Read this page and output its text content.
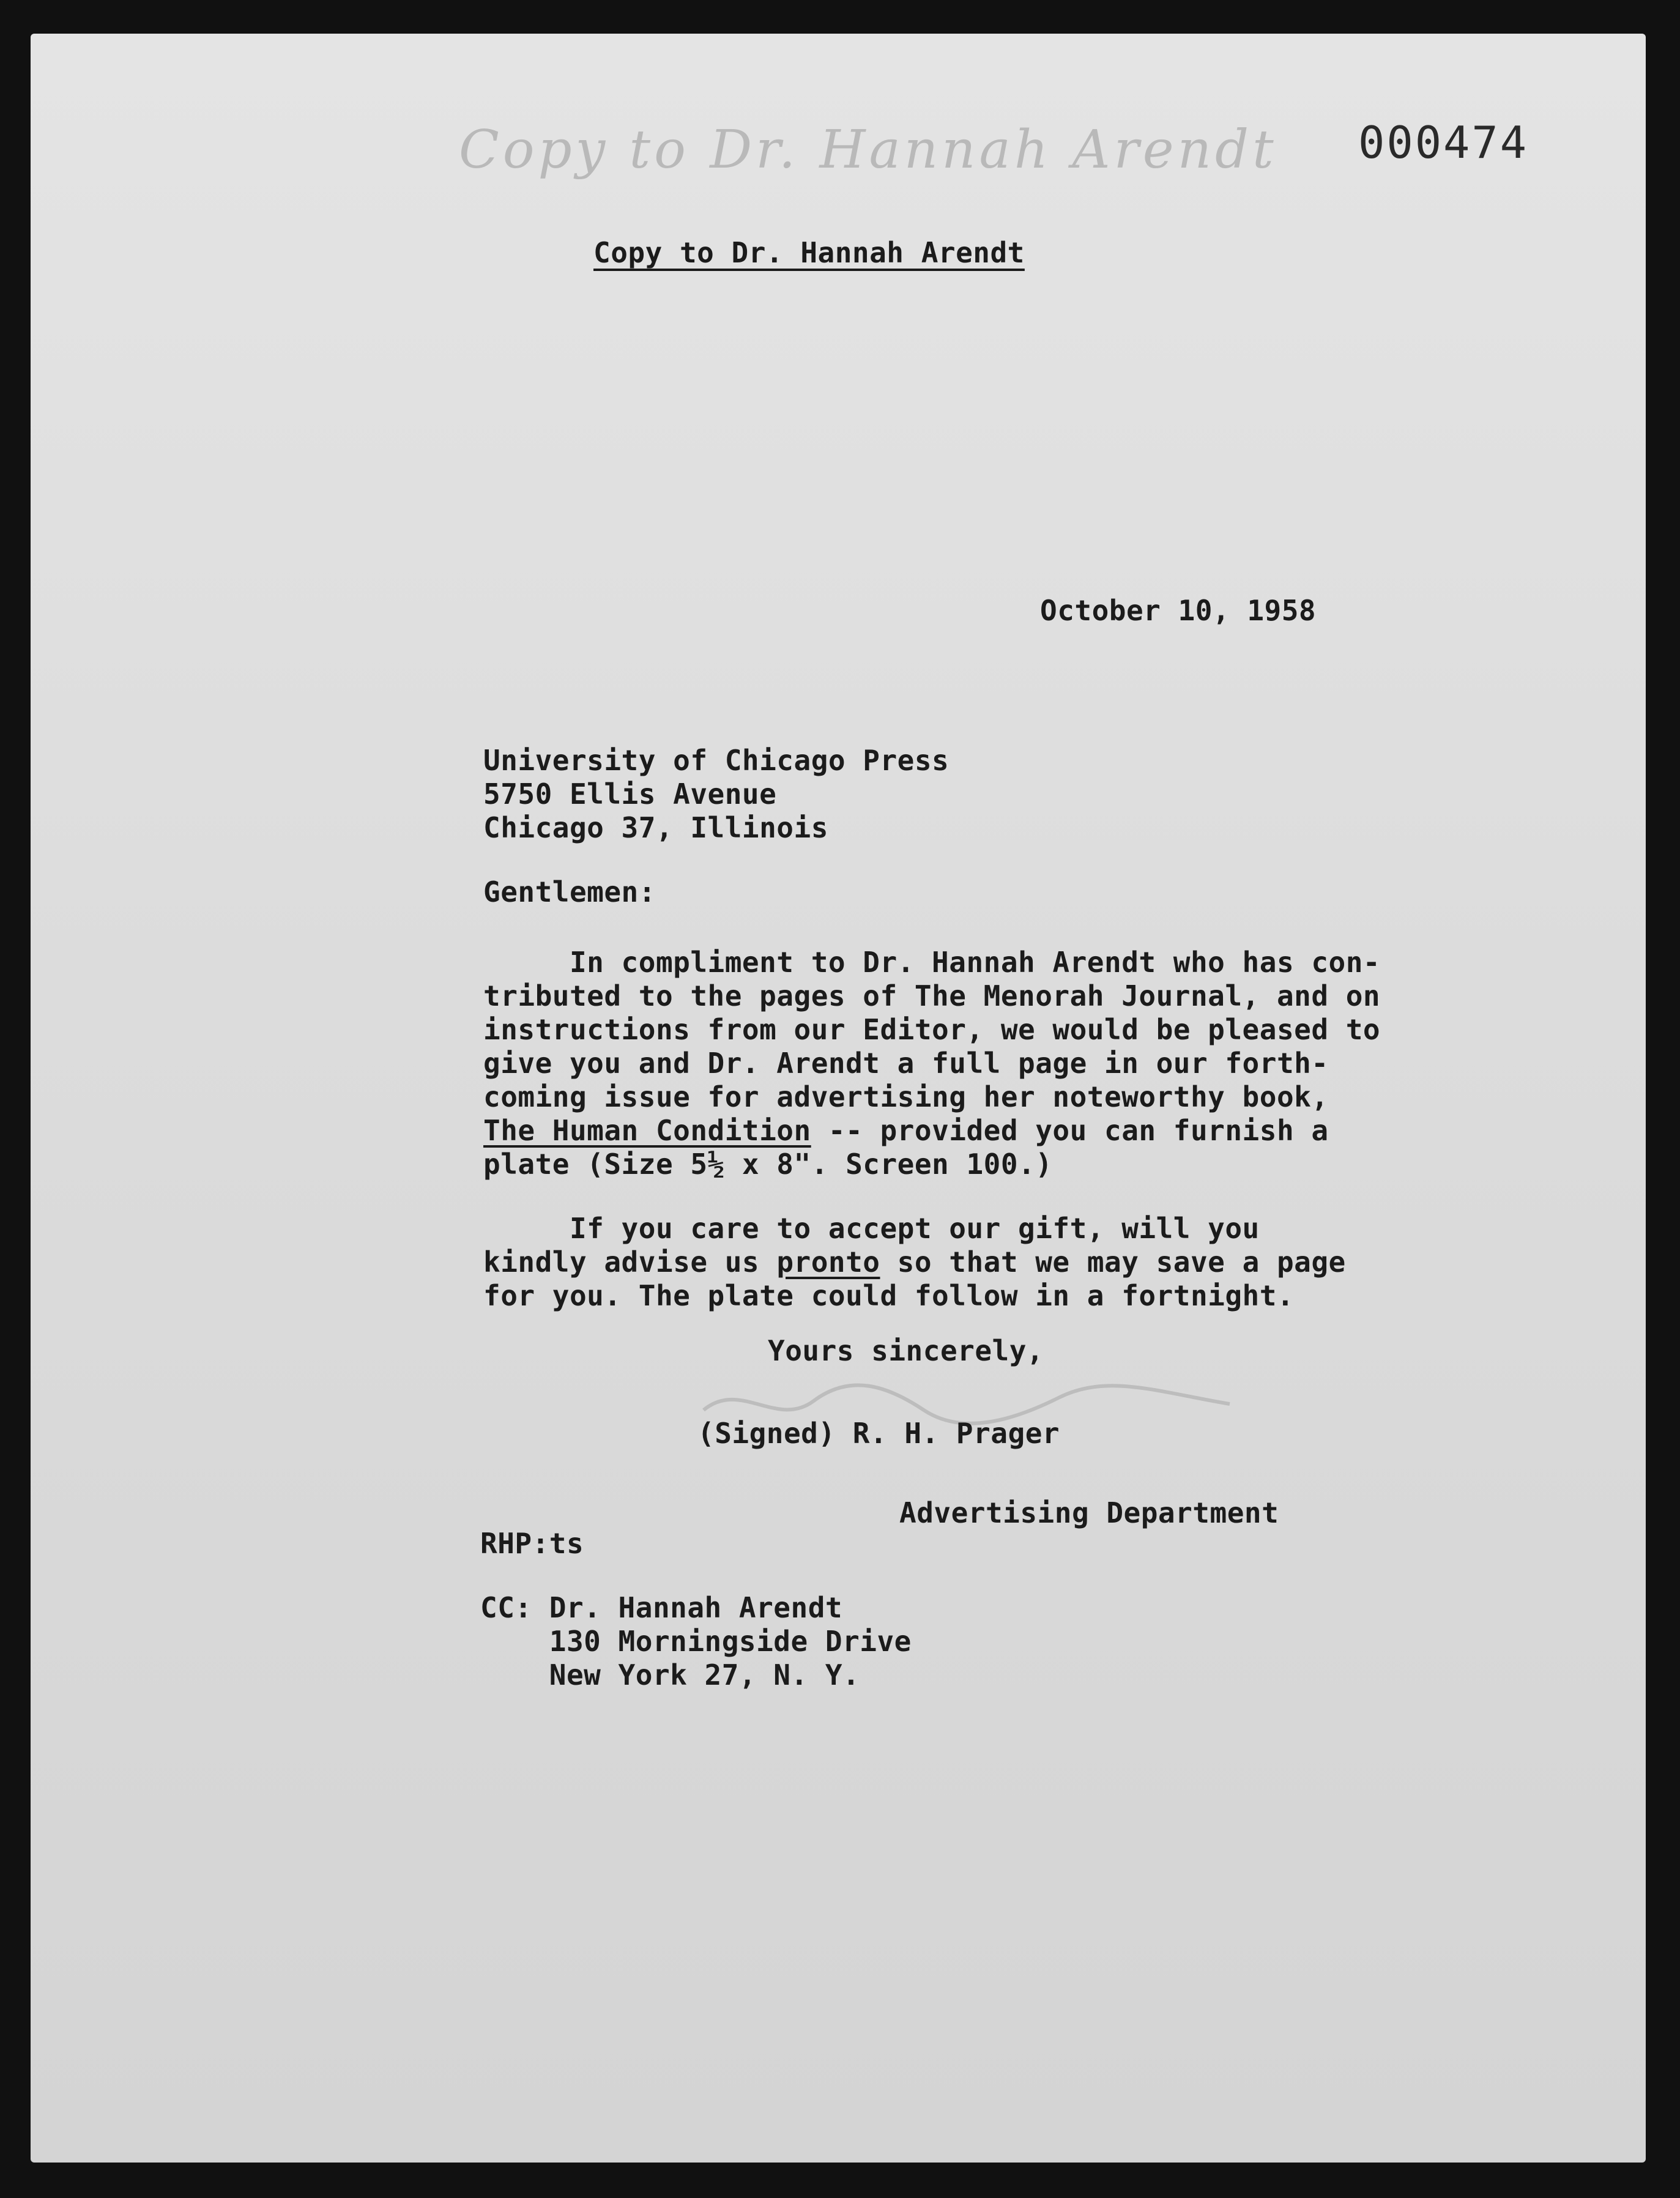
Copy to Dr. Hannah Arendt 000474
Copy to Dr. Hannah Arendt
October 10, 1958
University of Chicago Press
5750 Ellis Avenue
Chicago 37, Illinois
Gentlemen:
In compliment to Dr. Hannah Arendt who has con-
tributed to the pages of The Menorah Journal, and on
instructions from our Editor, we would be pleased to
give you and Dr. Arendt a full page in our forth-
coming issue for advertising her noteworthy book,
The Human Condition -- provided you can furnish a
plate (Size 5½ x 8". Screen 100.)
If you care to accept our gift, will you
kindly advise us pronto so that we may save a page
for you. The plate could follow in a fortnight.
Yours sincerely,
(Signed) R. H. Prager
Advertising Department
RHP:ts
CC: Dr. Hannah Arendt
130 Morningside Drive
New York 27, N. Y.
